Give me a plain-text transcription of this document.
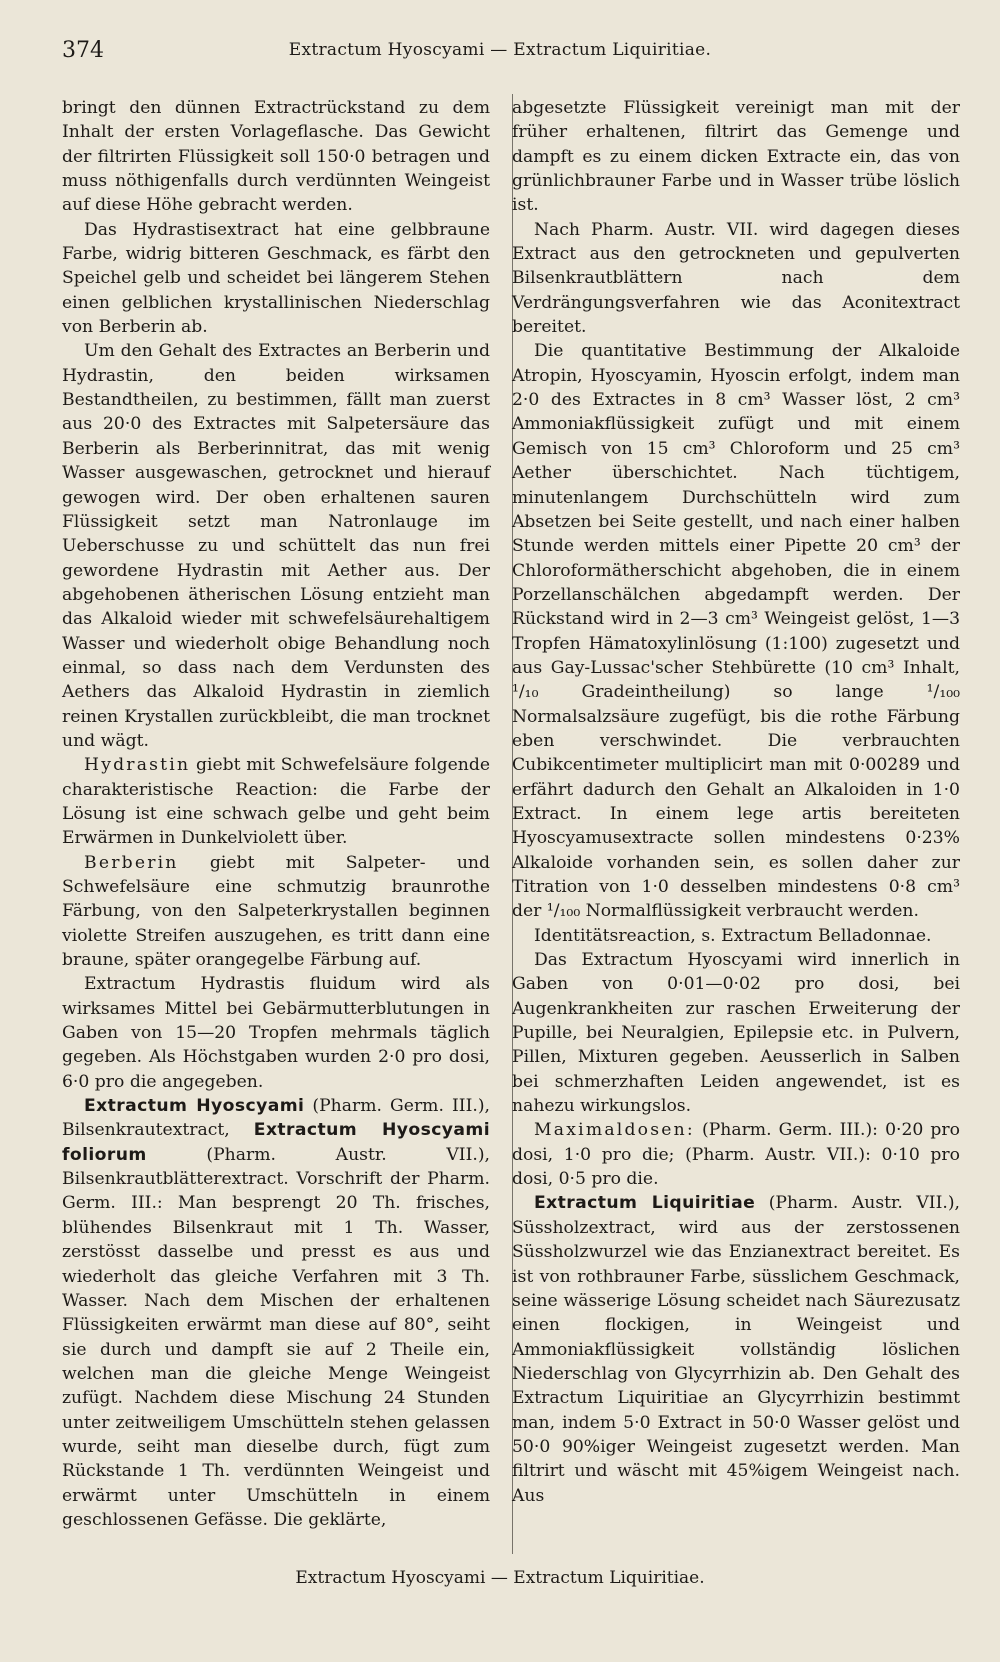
374	Extractum Hyoscyami — Extractum Liquiritiae.

bringt den dünnen Extractrückstand zu dem Inhalt der ersten Vorlageflasche. Das Gewicht der filtrirten Flüssigkeit soll 150·0 betragen und muss nöthigenfalls durch verdünnten Weingeist auf diese Höhe gebracht werden.

Das Hydrastisextract hat eine gelbbraune Farbe, widrig bitteren Geschmack, es färbt den Speichel gelb und scheidet bei längerem Stehen einen gelblichen krystallinischen Niederschlag von Berberin ab.

Um den Gehalt des Extractes an Berberin und Hydrastin, den beiden wirksamen Bestandtheilen, zu bestimmen, fällt man zuerst aus 20·0 des Extractes mit Salpetersäure das Berberin als Berberinnitrat, das mit wenig Wasser ausgewaschen, getrocknet und hierauf gewogen wird. Der oben erhaltenen sauren Flüssigkeit setzt man Natronlauge im Ueberschusse zu und schüttelt das nun frei gewordene Hydrastin mit Aether aus. Der abgehobenen ätherischen Lösung entzieht man das Alkaloid wieder mit schwefelsäurehaltigem Wasser und wiederholt obige Behandlung noch einmal, so dass nach dem Verdunsten des Aethers das Alkaloid Hydrastin in ziemlich reinen Krystallen zurückbleibt, die man trocknet und wägt.

Hydrastin giebt mit Schwefelsäure folgende charakteristische Reaction: die Farbe der Lösung ist eine schwach gelbe und geht beim Erwärmen in Dunkelviolett über.

Berberin giebt mit Salpeter- und Schwefelsäure eine schmutzig braunrothe Färbung, von den Salpeterkrystallen beginnen violette Streifen auszugehen, es tritt dann eine braune, später orangegelbe Färbung auf.

Extractum Hydrastis fluidum wird als wirksames Mittel bei Gebärmutterblutungen in Gaben von 15—20 Tropfen mehrmals täglich gegeben. Als Höchstgaben wurden 2·0 pro dosi, 6·0 pro die angegeben.

Extractum Hyoscyami (Pharm. Germ. III.), Bilsenkrautextract, Extractum Hyoscyami foliorum	(Pharm. Austr. VII.), Bilsenkrautblätterextract. Vorschrift der Pharm. Germ. III.: Man besprengt 20 Th. frisches, blühendes Bilsenkraut mit 1 Th. Wasser, zerstösst dasselbe und presst es aus und wiederholt das gleiche Verfahren mit 3 Th. Wasser. Nach dem Mischen der erhaltenen Flüssigkeiten erwärmt man diese auf 80°, seiht sie durch und dampft sie auf 2 Theile ein, welchen man die gleiche Menge Weingeist zufügt. Nachdem diese Mischung 24 Stunden unter zeitweiligem Umschütteln stehen gelassen wurde, seiht man dieselbe durch, fügt zum Rückstande 1 Th. verdünnten Weingeist und erwärmt unter Umschütteln in einem geschlossenen Gefässe. Die geklärte,

abgesetzte Flüssigkeit vereinigt man mit der früher erhaltenen, filtrirt das Gemenge und dampft es zu einem dicken Extracte ein, das von grünlichbrauner Farbe und in Wasser trübe löslich ist.

Nach Pharm. Austr. VII. wird dagegen dieses Extract aus den getrockneten und gepulverten Bilsenkrautblättern nach dem Verdrängungsverfahren wie das Aconitextract bereitet.

Die quantitative Bestimmung der Alkaloide Atropin, Hyoscyamin, Hyoscin erfolgt, indem man 2·0 des Extractes in 8 cm³ Wasser löst, 2 cm³ Ammoniakflüssigkeit zufügt und mit einem Gemisch von 15 cm³ Chloroform und 25 cm³ Aether überschichtet. Nach tüchtigem, minutenlangem Durchschütteln wird zum Absetzen bei Seite gestellt, und nach einer halben Stunde werden mittels einer Pipette 20 cm³ der Chloroformätherschicht abgehoben, die in einem Porzellanschälchen abgedampft werden. Der Rückstand wird in 2—3 cm³ Weingeist gelöst, 1—3 Tropfen Hämatoxylinlösung (1:100) zugesetzt und aus Gay-Lussac'scher Stehbürette (10 cm³ Inhalt, ¹/₁₀ Gradeintheilung) so lange ¹/₁₀₀ Normalsalzsäure zugefügt, bis die rothe Färbung eben verschwindet. Die verbrauchten Cubikcentimeter multiplicirt man mit 0·00289 und erfährt dadurch den Gehalt an Alkaloiden in 1·0 Extract. In einem lege artis bereiteten Hyoscyamusextracte sollen mindestens 0·23% Alkaloide vorhanden sein, es sollen daher zur Titration von 1·0 desselben mindestens 0·8 cm³ der ¹/₁₀₀ Normalflüssigkeit verbraucht werden.

Identitätsreaction, s. Extractum Belladonnae.

Das Extractum Hyoscyami wird innerlich in Gaben von 0·01—0·02 pro dosi, bei Augenkrankheiten zur raschen Erweiterung der Pupille, bei Neuralgien, Epilepsie etc. in Pulvern, Pillen, Mixturen gegeben. Aeusserlich in Salben bei schmerzhaften Leiden angewendet, ist es nahezu wirkungslos.

Maximaldosen: (Pharm. Germ. III.): 0·20 pro dosi, 1·0 pro die; (Pharm. Austr. VII.): 0·10 pro dosi, 0·5 pro die.

Extractum Liquiritiae (Pharm. Austr. VII.), Süssholzextract, wird aus der zerstossenen Süssholzwurzel wie das Enzianextract bereitet. Es ist von rothbrauner Farbe, süsslichem Geschmack, seine wässerige Lösung scheidet nach Säurezusatz einen flockigen, in Weingeist und Ammoniakflüssigkeit vollständig löslichen Niederschlag von Glycyrrhizin ab. Den Gehalt des Extractum Liquiritiae an Glycyrrhizin bestimmt man, indem 5·0 Extract in 50·0 Wasser gelöst und 50·0 90%iger Weingeist zugesetzt werden. Man filtrirt und wäscht mit 45%igem Weingeist nach. Aus

Extractum Hyoscyami — Extractum Liquiritiae.
